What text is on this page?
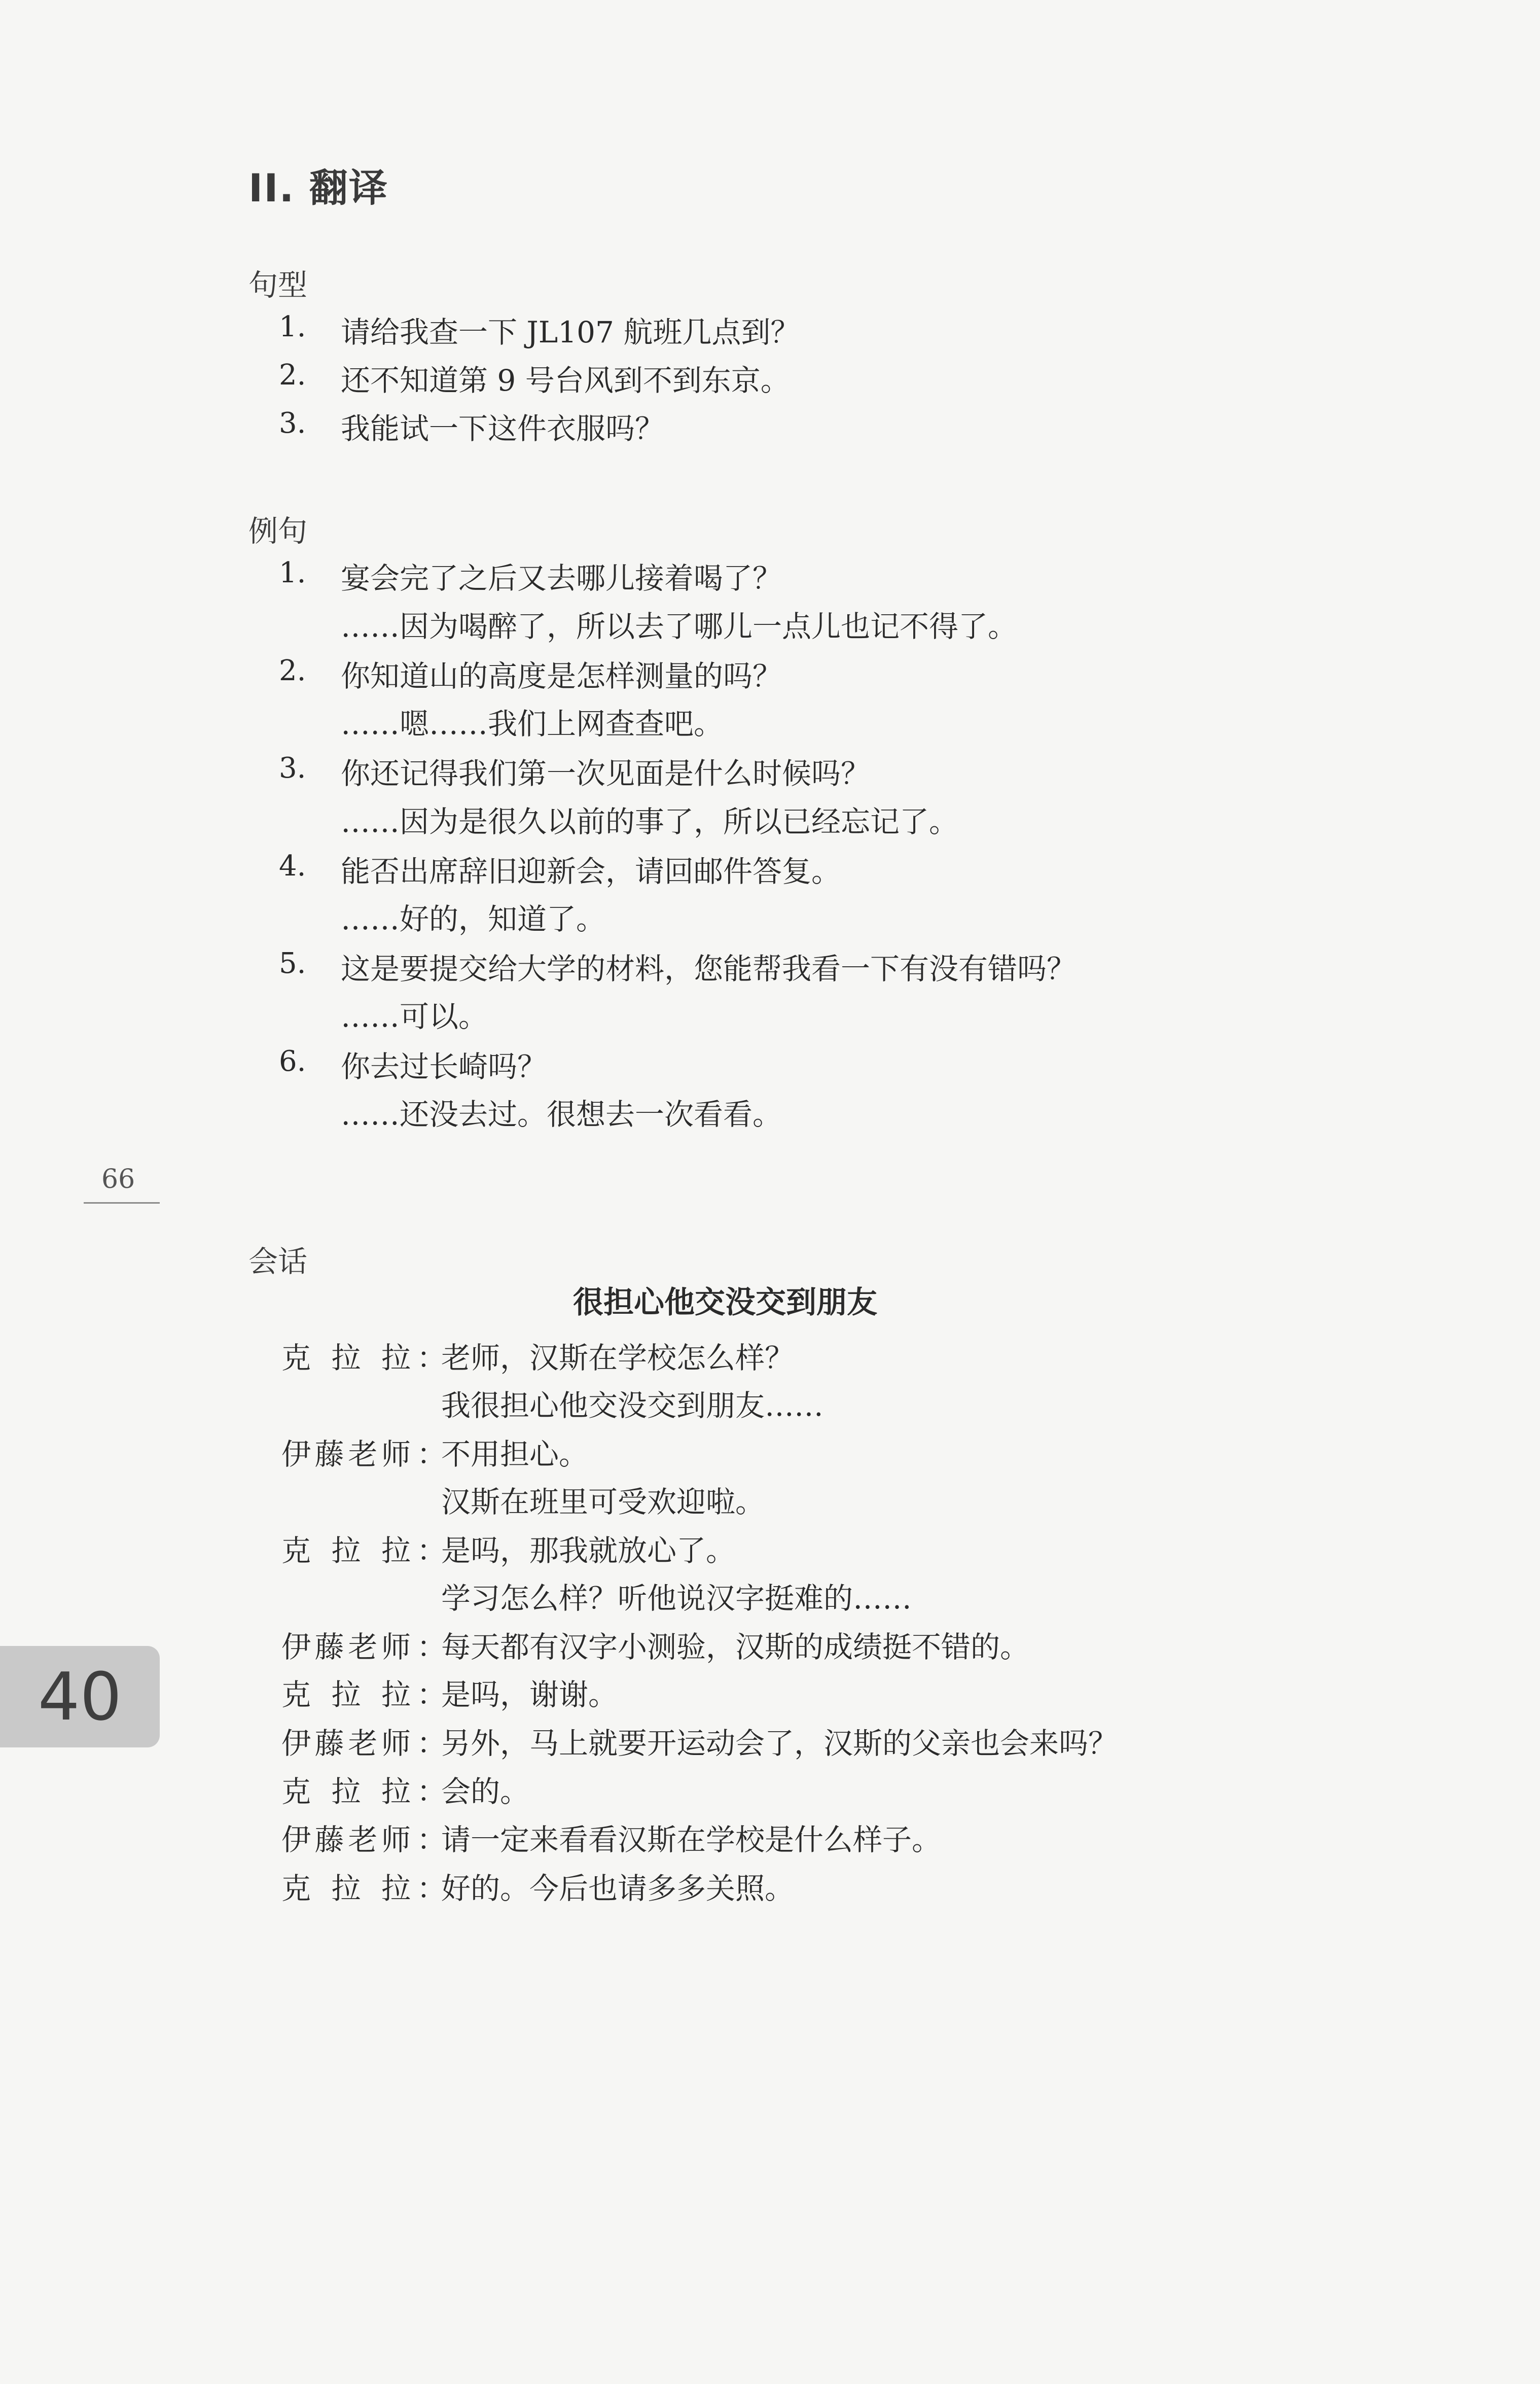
II. 翻译
句型
1. 请给我查一下 JL107 航班几点到？
2. 还不知道第 9 号台风到不到东京。
3. 我能试一下这件衣服吗？
例句
1. 宴会完了之后又去哪儿接着喝了？
……因为喝醉了，所以去了哪儿一点儿也记不得了。
2. 你知道山的高度是怎样测量的吗？
……嗯……我们上网查查吧。
3. 你还记得我们第一次见面是什么时候吗？
……因为是很久以前的事了，所以已经忘记了。
4. 能否出席辞旧迎新会，请回邮件答复。
……好的，知道了。
5. 这是要提交给大学的材料，您能帮我看一下有没有错吗？
……可以。
6. 你去过长崎吗？
……还没去过。很想去一次看看。
66
40
会话
很担心他交没交到朋友
克拉拉 ：
老师，汉斯在学校怎么样？
我很担心他交没交到朋友……
伊藤老师 ：
不用担心。
汉斯在班里可受欢迎啦。
克拉拉 ：
是吗，那我就放心了。
学习怎么样？听他说汉字挺难的……
伊藤老师 ：
每天都有汉字小测验，汉斯的成绩挺不错的。
克拉拉 ：
是吗，谢谢。
伊藤老师 ：
另外，马上就要开运动会了，汉斯的父亲也会来吗？
克拉拉 ：
会的。
伊藤老师 ：
请一定来看看汉斯在学校是什么样子。
克拉拉 ：
好的。今后也请多多关照。
